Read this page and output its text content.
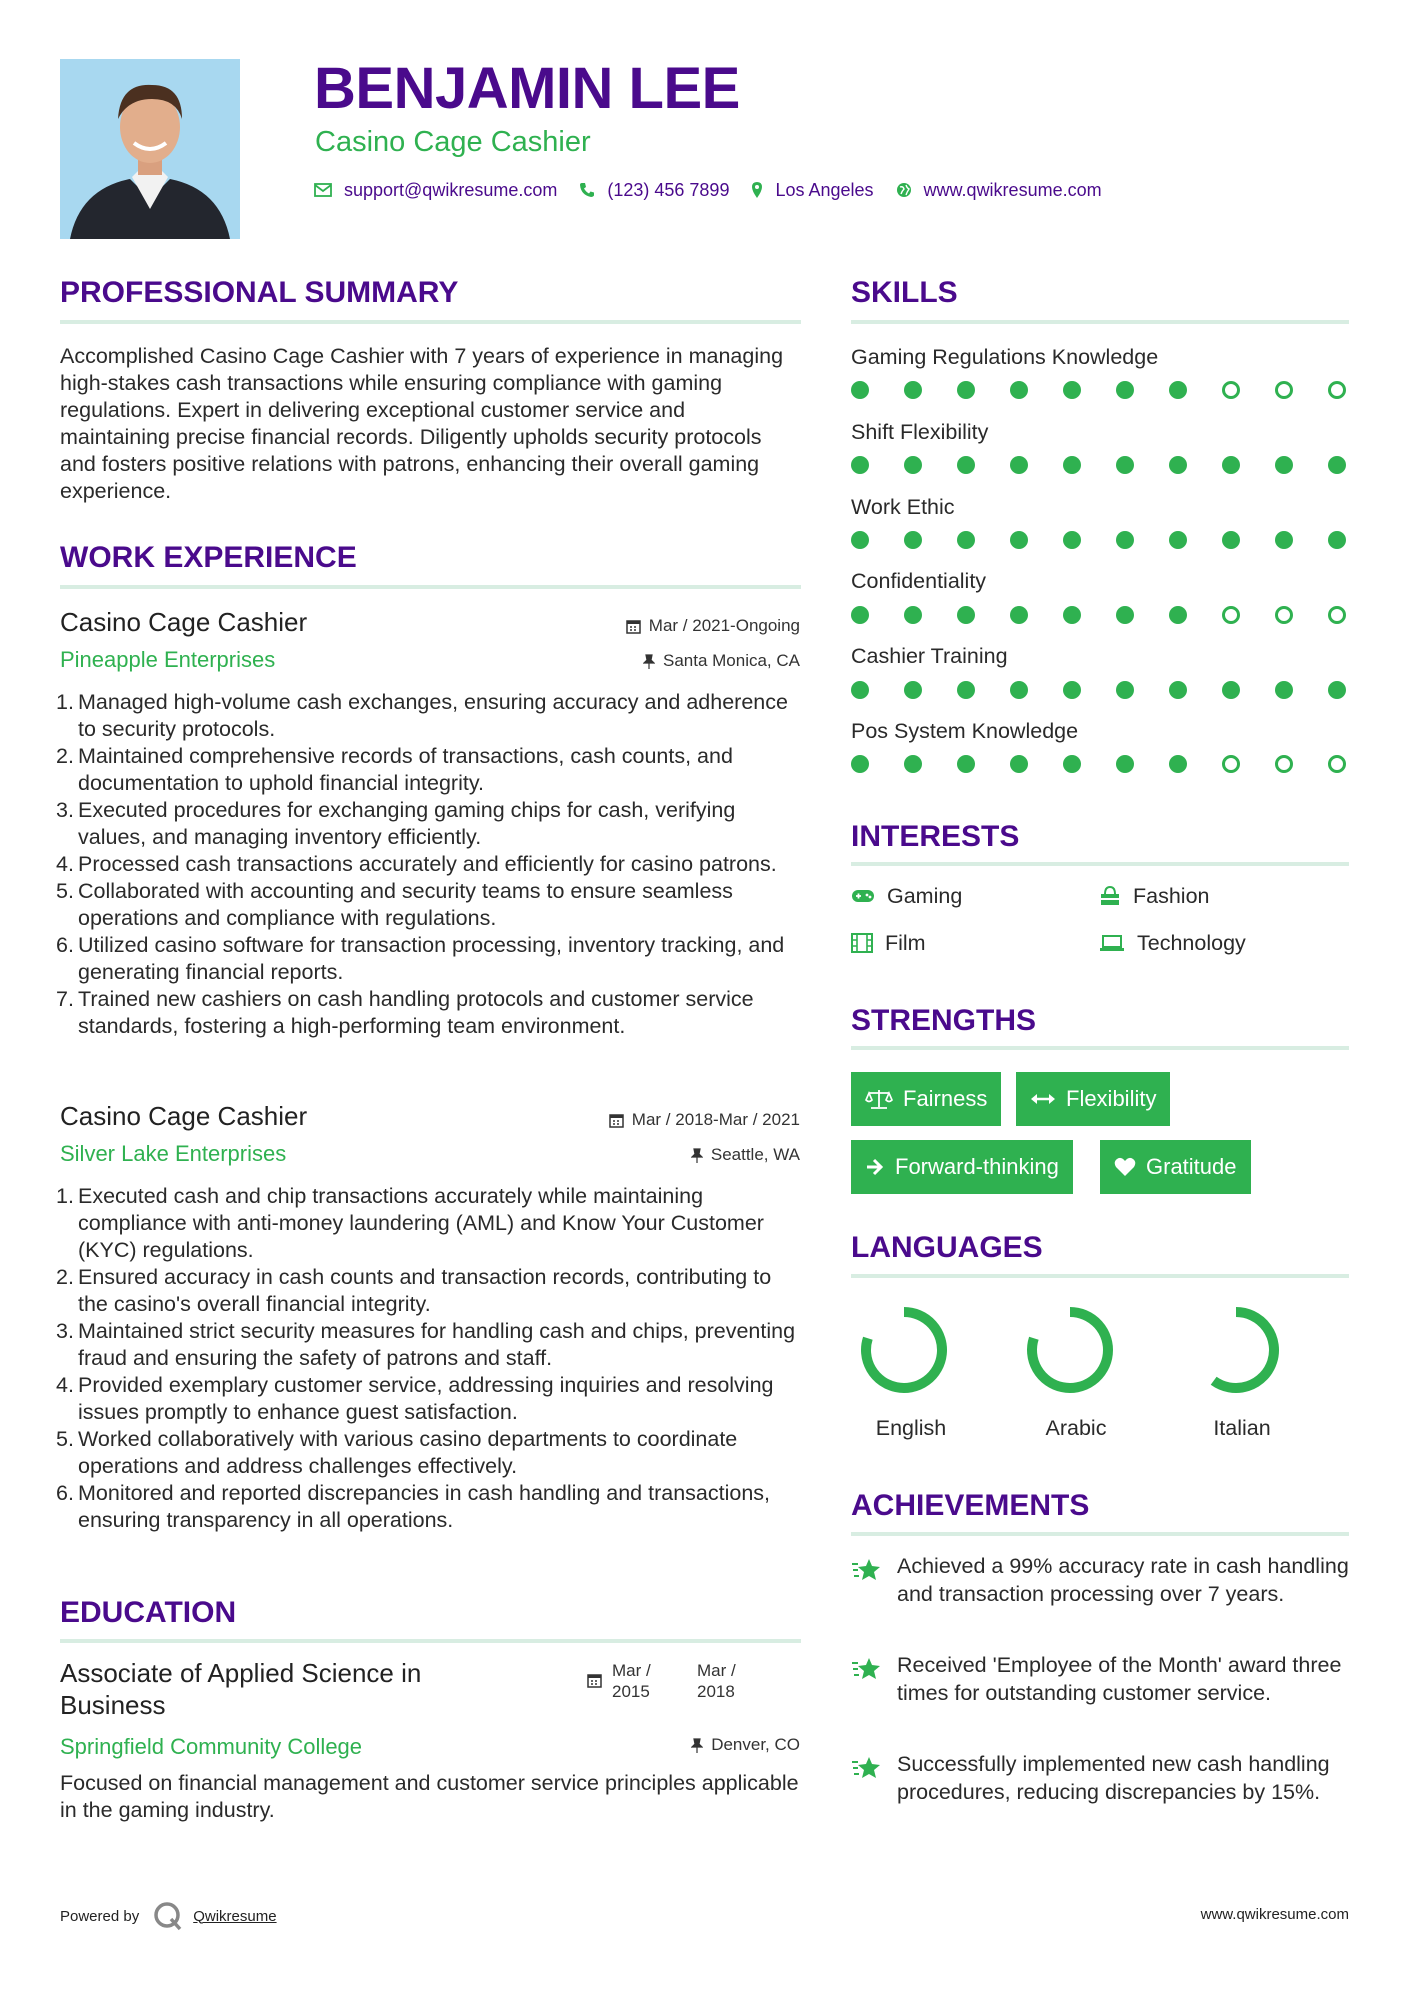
BENJAMIN LEE
Casino Cage Cashier
support@qwikresume.com	(123) 456 7899	Los Angeles	www.qwikresume.com
PROFESSIONAL SUMMARY
Accomplished Casino Cage Cashier with 7 years of experience in managing high-stakes cash transactions while ensuring compliance with gaming regulations. Expert in delivering exceptional customer service and maintaining precise financial records. Diligently upholds security protocols and fosters positive relations with patrons, enhancing their overall gaming experience.
WORK EXPERIENCE
Casino Cage Cashier
Pineapple Enterprises
Mar / 2021-Ongoing
Santa Monica, CA
Managed high-volume cash exchanges, ensuring accuracy and adherence to security protocols.
Maintained comprehensive records of transactions, cash counts, and documentation to uphold financial integrity.
Executed procedures for exchanging gaming chips for cash, verifying values, and managing inventory efficiently.
Processed cash transactions accurately and efficiently for casino patrons.
Collaborated with accounting and security teams to ensure seamless operations and compliance with regulations.
Utilized casino software for transaction processing, inventory tracking, and generating financial reports.
Trained new cashiers on cash handling protocols and customer service standards, fostering a high-performing team environment.
Casino Cage Cashier
Silver Lake Enterprises
Mar / 2018-Mar / 2021
Seattle, WA
Executed cash and chip transactions accurately while maintaining compliance with anti-money laundering (AML) and Know Your Customer (KYC) regulations.
Ensured accuracy in cash counts and transaction records, contributing to the casino's overall financial integrity.
Maintained strict security measures for handling cash and chips, preventing fraud and ensuring the safety of patrons and staff.
Provided exemplary customer service, addressing inquiries and resolving issues promptly to enhance guest satisfaction.
Worked collaboratively with various casino departments to coordinate operations and address challenges effectively.
Monitored and reported discrepancies in cash handling and transactions, ensuring transparency in all operations.
EDUCATION
Associate of Applied Science in Business
Mar /
2015
Mar /
2018
Springfield Community College	Denver, CO
Focused on financial management and customer service principles applicable in the gaming industry.
SKILLS
Gaming Regulations Knowledge
Shift Flexibility
Work Ethic
Confidentiality
Cashier Training
Pos System Knowledge
INTERESTS
Gaming	Fashion
Film	Technology
STRENGTHS
Fairness	Flexibility
Forward-thinking	Gratitude
LANGUAGES
English	Arabic	Italian
ACHIEVEMENTS
Achieved a 99% accuracy rate in cash handling and transaction processing over 7 years.
Received 'Employee of the Month' award three times for outstanding customer service.
Successfully implemented new cash handling procedures, reducing discrepancies by 15%.
Powered by	Qwikresume	www.qwikresume.com
